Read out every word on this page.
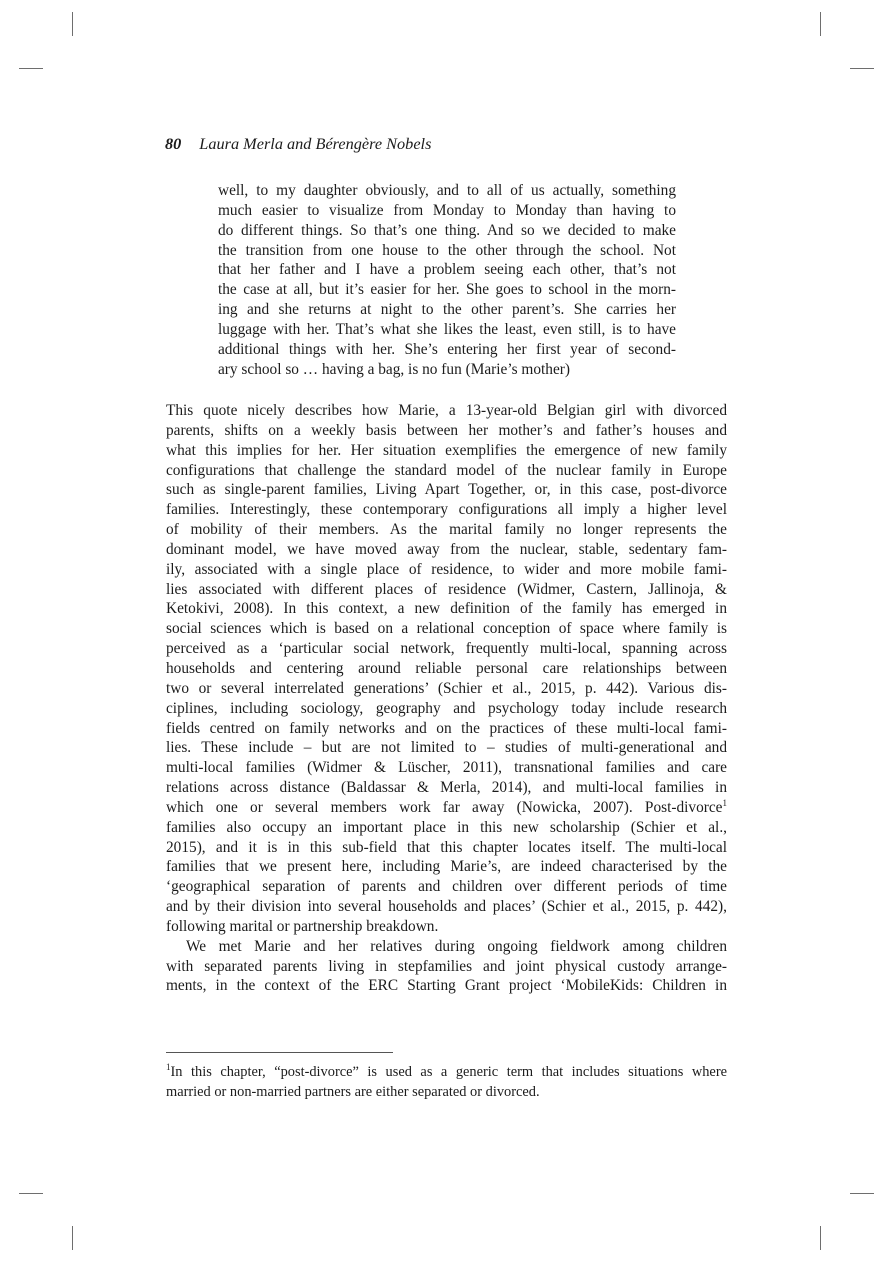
80 Laura Merla and Bérengère Nobels
well, to my daughter obviously, and to all of us actually, something
much easier to visualize from Monday to Monday than having to
do different things. So that’s one thing. And so we decided to make
the transition from one house to the other through the school. Not
that her father and I have a problem seeing each other, that’s not
the case at all, but it’s easier for her. She goes to school in the morn-
ing and she returns at night to the other parent’s. She carries her
luggage with her. That’s what she likes the least, even still, is to have
additional things with her. She’s entering her first year of second-
ary school so … having a bag, is no fun (Marie’s mother)
This quote nicely describes how Marie, a 13-year-old Belgian girl with divorced
parents, shifts on a weekly basis between her mother’s and father’s houses and
what this implies for her. Her situation exemplifies the emergence of new family
configurations that challenge the standard model of the nuclear family in Europe
such as single-parent families, Living Apart Together, or, in this case, post-divorce
families. Interestingly, these contemporary configurations all imply a higher level
of mobility of their members. As the marital family no longer represents the
dominant model, we have moved away from the nuclear, stable, sedentary fam-
ily, associated with a single place of residence, to wider and more mobile fami-
lies associated with different places of residence (Widmer, Castern, Jallinoja, &
Ketokivi, 2008). In this context, a new definition of the family has emerged in
social sciences which is based on a relational conception of space where family is
perceived as a ‘particular social network, frequently multi-local, spanning across
households and centering around reliable personal care relationships between
two or several interrelated generations’ (Schier et al., 2015, p. 442). Various dis-
ciplines, including sociology, geography and psychology today include research
fields centred on family networks and on the practices of these multi-local fami-
lies. These include – but are not limited to – studies of multi-generational and
multi-local families (Widmer & Lüscher, 2011), transnational families and care
relations across distance (Baldassar & Merla, 2014), and multi-local families in
which one or several members work far away (Nowicka, 2007). Post-divorce$^1$
families also occupy an important place in this new scholarship (Schier et al.,
2015), and it is in this sub-field that this chapter locates itself. The multi-local
families that we present here, including Marie’s, are indeed characterised by the
‘geographical separation of parents and children over different periods of time
and by their division into several households and places’ (Schier et al., 2015, p. 442),
following marital or partnership breakdown.
We met Marie and her relatives during ongoing fieldwork among children
with separated parents living in stepfamilies and joint physical custody arrange-
ments, in the context of the ERC Starting Grant project ‘MobileKids: Children in
$^1$In this chapter, “post-divorce” is used as a generic term that includes situations where
married or non-married partners are either separated or divorced.
